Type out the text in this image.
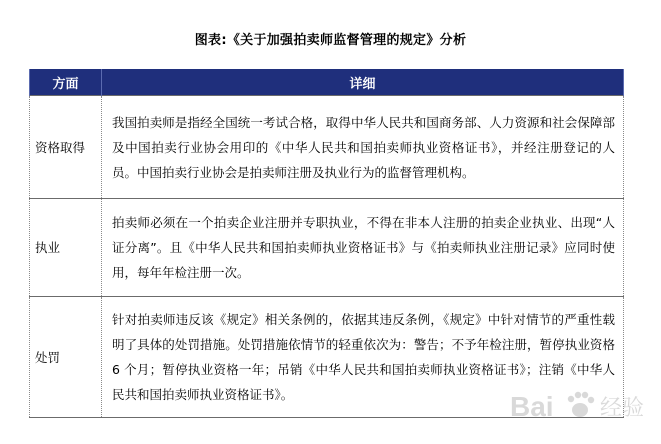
图表:《关于加强拍卖师监督管理的规定》分析
方面	详细
资格取得	我国拍卖师是指经全国统一考试合格，取得中华人民共和国商务部、人力资源和社会保障部及中国拍卖行业协会用印的《中华人民共和国拍卖师执业资格证书》，并经注册登记的人员。中国拍卖行业协会是拍卖师注册及执业行为的监督管理机构。
执业	拍卖师必须在一个拍卖企业注册并专职执业，不得在非本人注册的拍卖企业执业、出现“人证分离”。且《中华人民共和国拍卖师执业资格证书》与《拍卖师执业注册记录》应同时使用，每年年检注册一次。
处罚	针对拍卖师违反该《规定》相关条例的，依据其违反条例，《规定》中针对情节的严重性载明了具体的处罚措施。处罚措施依情节的轻重依次为：警告；不予年检注册，暂停执业资格 6 个月；暂停执业资格一年；吊销《中华人民共和国拍卖师执业资格证书》；注销《中华人民共和国拍卖师执业资格证书》。	Bai 经验
